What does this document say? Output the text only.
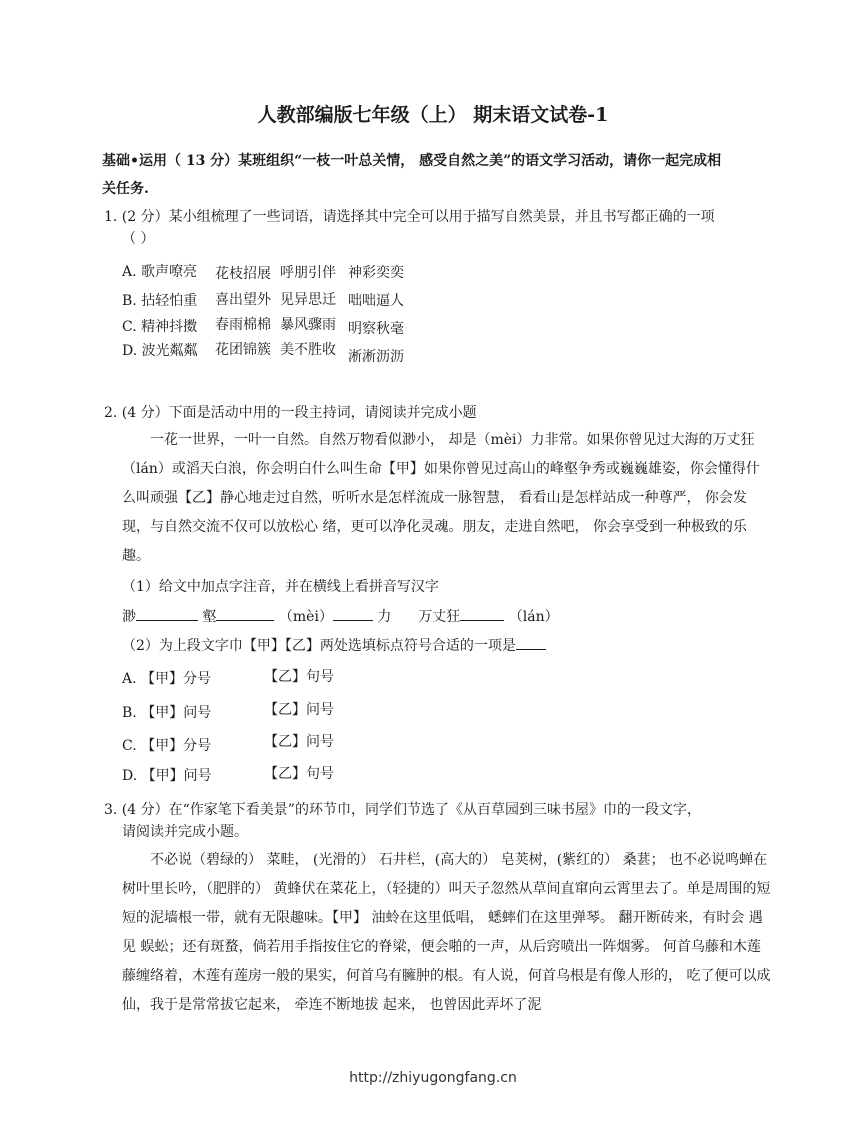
人教部编版七年级（上） 期末语文试卷-1
基础•运用（ 13 分）某班组织“一枝一叶总关情， 感受自然之美”的语文学习活动，请你一起完成相
关任务.
1. (2 分）某小组梳理了一些词语，请选择其中完全可以用于描写自然美景，并且书写都正确的一项
（ ）
A. 歌声嘹亮 花枝招展 呼朋引伴 神彩奕奕
B. 拈轻怕重 喜出望外 见异思迁 咄咄逼人
C. 精神抖擞 春雨棉棉 暴风骤雨 明察秋毫
D. 波光粼粼 花团锦簇 美不胜收 淅淅沥沥
2. (4 分）下面是活动中用的一段主持词，请阅读并完成小题
一花一世界，一叶一自然。自然万物看似渺小， 却是（mèi）力非常。如果你曾见过大海的万丈狂 （lán）或滔天白浪，你会明白什么叫生命【甲】如果你曾见过高山的峰壑争秀或巍巍雄姿，你会懂得什么叫顽强【乙】静心地走过自然，听听水是怎样流成一脉智慧， 看看山是怎样站成一种尊严， 你会发现，与自然交流不仅可以放松心 绪，更可以净化灵魂。朋友，走进自然吧， 你会享受到一种极致的乐趣。
（1）给文中加点字注音，并在横线上看拼音写汉字
渺	壑	（mèi）	力 万丈狂	（lán）
（2）为上段文字巾【甲】【乙】两处选填标点符号合适的一项是
A. 【甲】分号	【乙】句号
B. 【甲】问号	【乙】问号
C. 【甲】分号	【乙】问号
D. 【甲】问号	【乙】句号
3. (4 分）在“作家笔下看美景”的环节巾，同学们节选了《从百草园到三味书屋》巾的一段文字，
请阅读并完成小题。
不必说（碧绿的） 菜畦， (光滑的） 石井栏，(高大的） 皂荚树，(紫红的） 桑葚； 也不必说鸣蝉在树叶里长吟，（肥胖的） 黄蜂伏在菜花上，（轻捷的）叫天子忽然从草间直窜向云霄里去了。单是周围的短短的泥墙根一带，就有无限趣味。【甲】 油蛉在这里低唱， 蟋蟀们在这里弹琴。 翻开断砖来，有时会 遇见 蜈蚣；还有斑蝥，倘若用手指按住它的脊梁，便会啪的一声，从后窍喷出一阵烟雾。 何首乌藤和木莲藤缠络着，木莲有莲房一般的果实，何首乌有臃肿的根。有人说，何首乌根是有像人形的， 吃了便可以成仙，我于是常常拔它起来， 牵连不断地拔 起来， 也曾因此弄坏了泥
http://zhiyugongfang.cn
